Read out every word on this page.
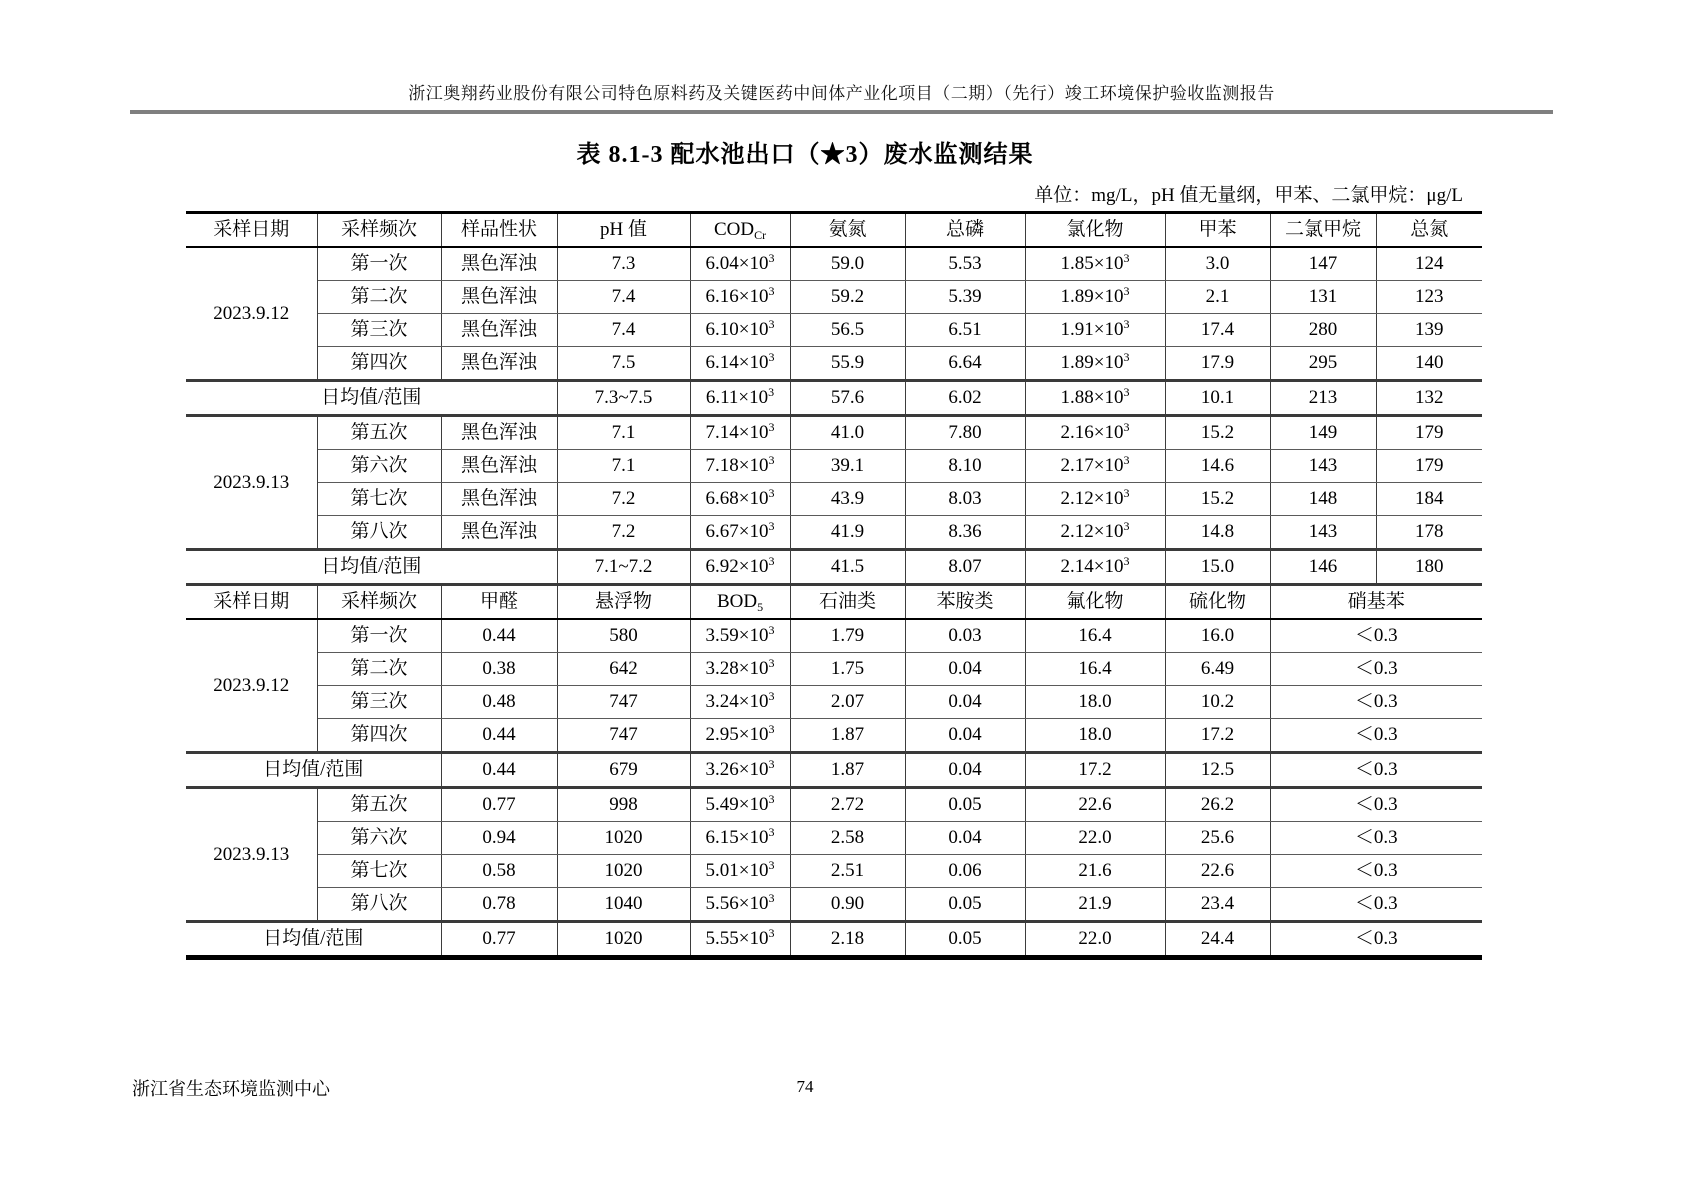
浙江奥翔药业股份有限公司特色原料药及关键医药中间体产业化项目（二期）（先行）竣工环境保护验收监测报告
表 8.1-3 配水池出口（★3）废水监测结果
单位：mg/L，pH 值无量纲，甲苯、二氯甲烷：μg/L
采样日期	采样频次	样品性状	pH 值	$COD_{Cr}$	氨氮	总磷	氯化物	甲苯	二氯甲烷	总氮
2023.9.12	第一次	黑色浑浊	7.3	$6.04\times 10^3$	59.0	5.53	$1.85\times 10^3$	3.0	147	124
	第二次	黑色浑浊	7.4	$6.16\times 10^3$	59.2	5.39	$1.89\times 10^3$	2.1	131	123
	第三次	黑色浑浊	7.4	$6.10\times 10^3$	56.5	6.51	$1.91\times 10^3$	17.4	280	139
	第四次	黑色浑浊	7.5	$6.14\times 10^3$	55.9	6.64	$1.89\times 10^3$	17.9	295	140
日均值/范围			7.3~7.5	$6.11\times 10^3$	57.6	6.02	$1.88\times 10^3$	10.1	213	132
2023.9.13	第五次	黑色浑浊	7.1	$7.14\times 10^3$	41.0	7.80	$2.16\times 10^3$	15.2	149	179
	第六次	黑色浑浊	7.1	$7.18\times 10^3$	39.1	8.10	$2.17\times 10^3$	14.6	143	179
	第七次	黑色浑浊	7.2	$6.68\times 10^3$	43.9	8.03	$2.12\times 10^3$	15.2	148	184
	第八次	黑色浑浊	7.2	$6.67\times 10^3$	41.9	8.36	$2.12\times 10^3$	14.8	143	178
日均值/范围			7.1~7.2	$6.92\times 10^3$	41.5	8.07	$2.14\times 10^3$	15.0	146	180
采样日期	采样频次	甲醛	悬浮物	$BOD_5$	石油类	苯胺类	氟化物	硫化物	硝基苯	
2023.9.12	第一次	0.44	580	$3.59\times 10^3$	1.79	0.03	16.4	16.0	＜0.3	
	第二次	0.38	642	$3.28\times 10^3$	1.75	0.04	16.4	6.49	＜0.3	
	第三次	0.48	747	$3.24\times 10^3$	2.07	0.04	18.0	10.2	＜0.3	
	第四次	0.44	747	$2.95\times 10^3$	1.87	0.04	18.0	17.2	＜0.3	
日均值/范围		0.44	679	$3.26\times 10^3$	1.87	0.04	17.2	12.5	＜0.3	
2023.9.13	第五次	0.77	998	$5.49\times 10^3$	2.72	0.05	22.6	26.2	＜0.3	
	第六次	0.94	1020	$6.15\times 10^3$	2.58	0.04	22.0	25.6	＜0.3	
	第七次	0.58	1020	$5.01\times 10^3$	2.51	0.06	21.6	22.6	＜0.3	
	第八次	0.78	1040	$5.56\times 10^3$	0.90	0.05	21.9	23.4	＜0.3	
日均值/范围		0.77	1020	$5.55\times 10^3$	2.18	0.05	22.0	24.4	＜0.3	
浙江省生态环境监测中心	74
